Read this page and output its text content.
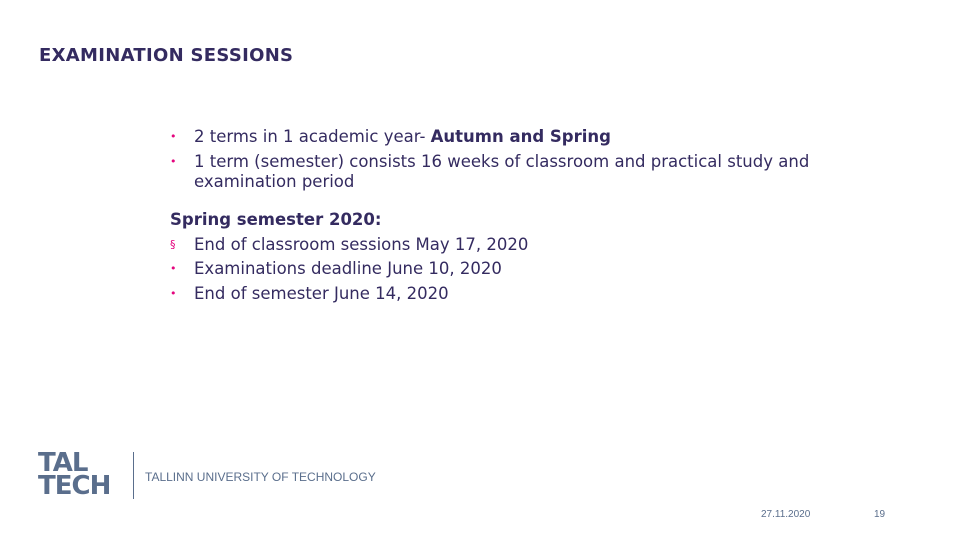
EXAMINATION SESSIONS
•	2 terms in 1 academic year- Autumn and Spring
•	1 term (semester) consists 16 weeks of classroom and practical study and examination period
Spring semester 2020:
§	End of classroom sessions May 17, 2020
•	Examinations deadline June 10, 2020
•	End of semester June 14, 2020
TAL
TECH	TALLINN UNIVERSITY OF TECHNOLOGY
27.11.2020	19
